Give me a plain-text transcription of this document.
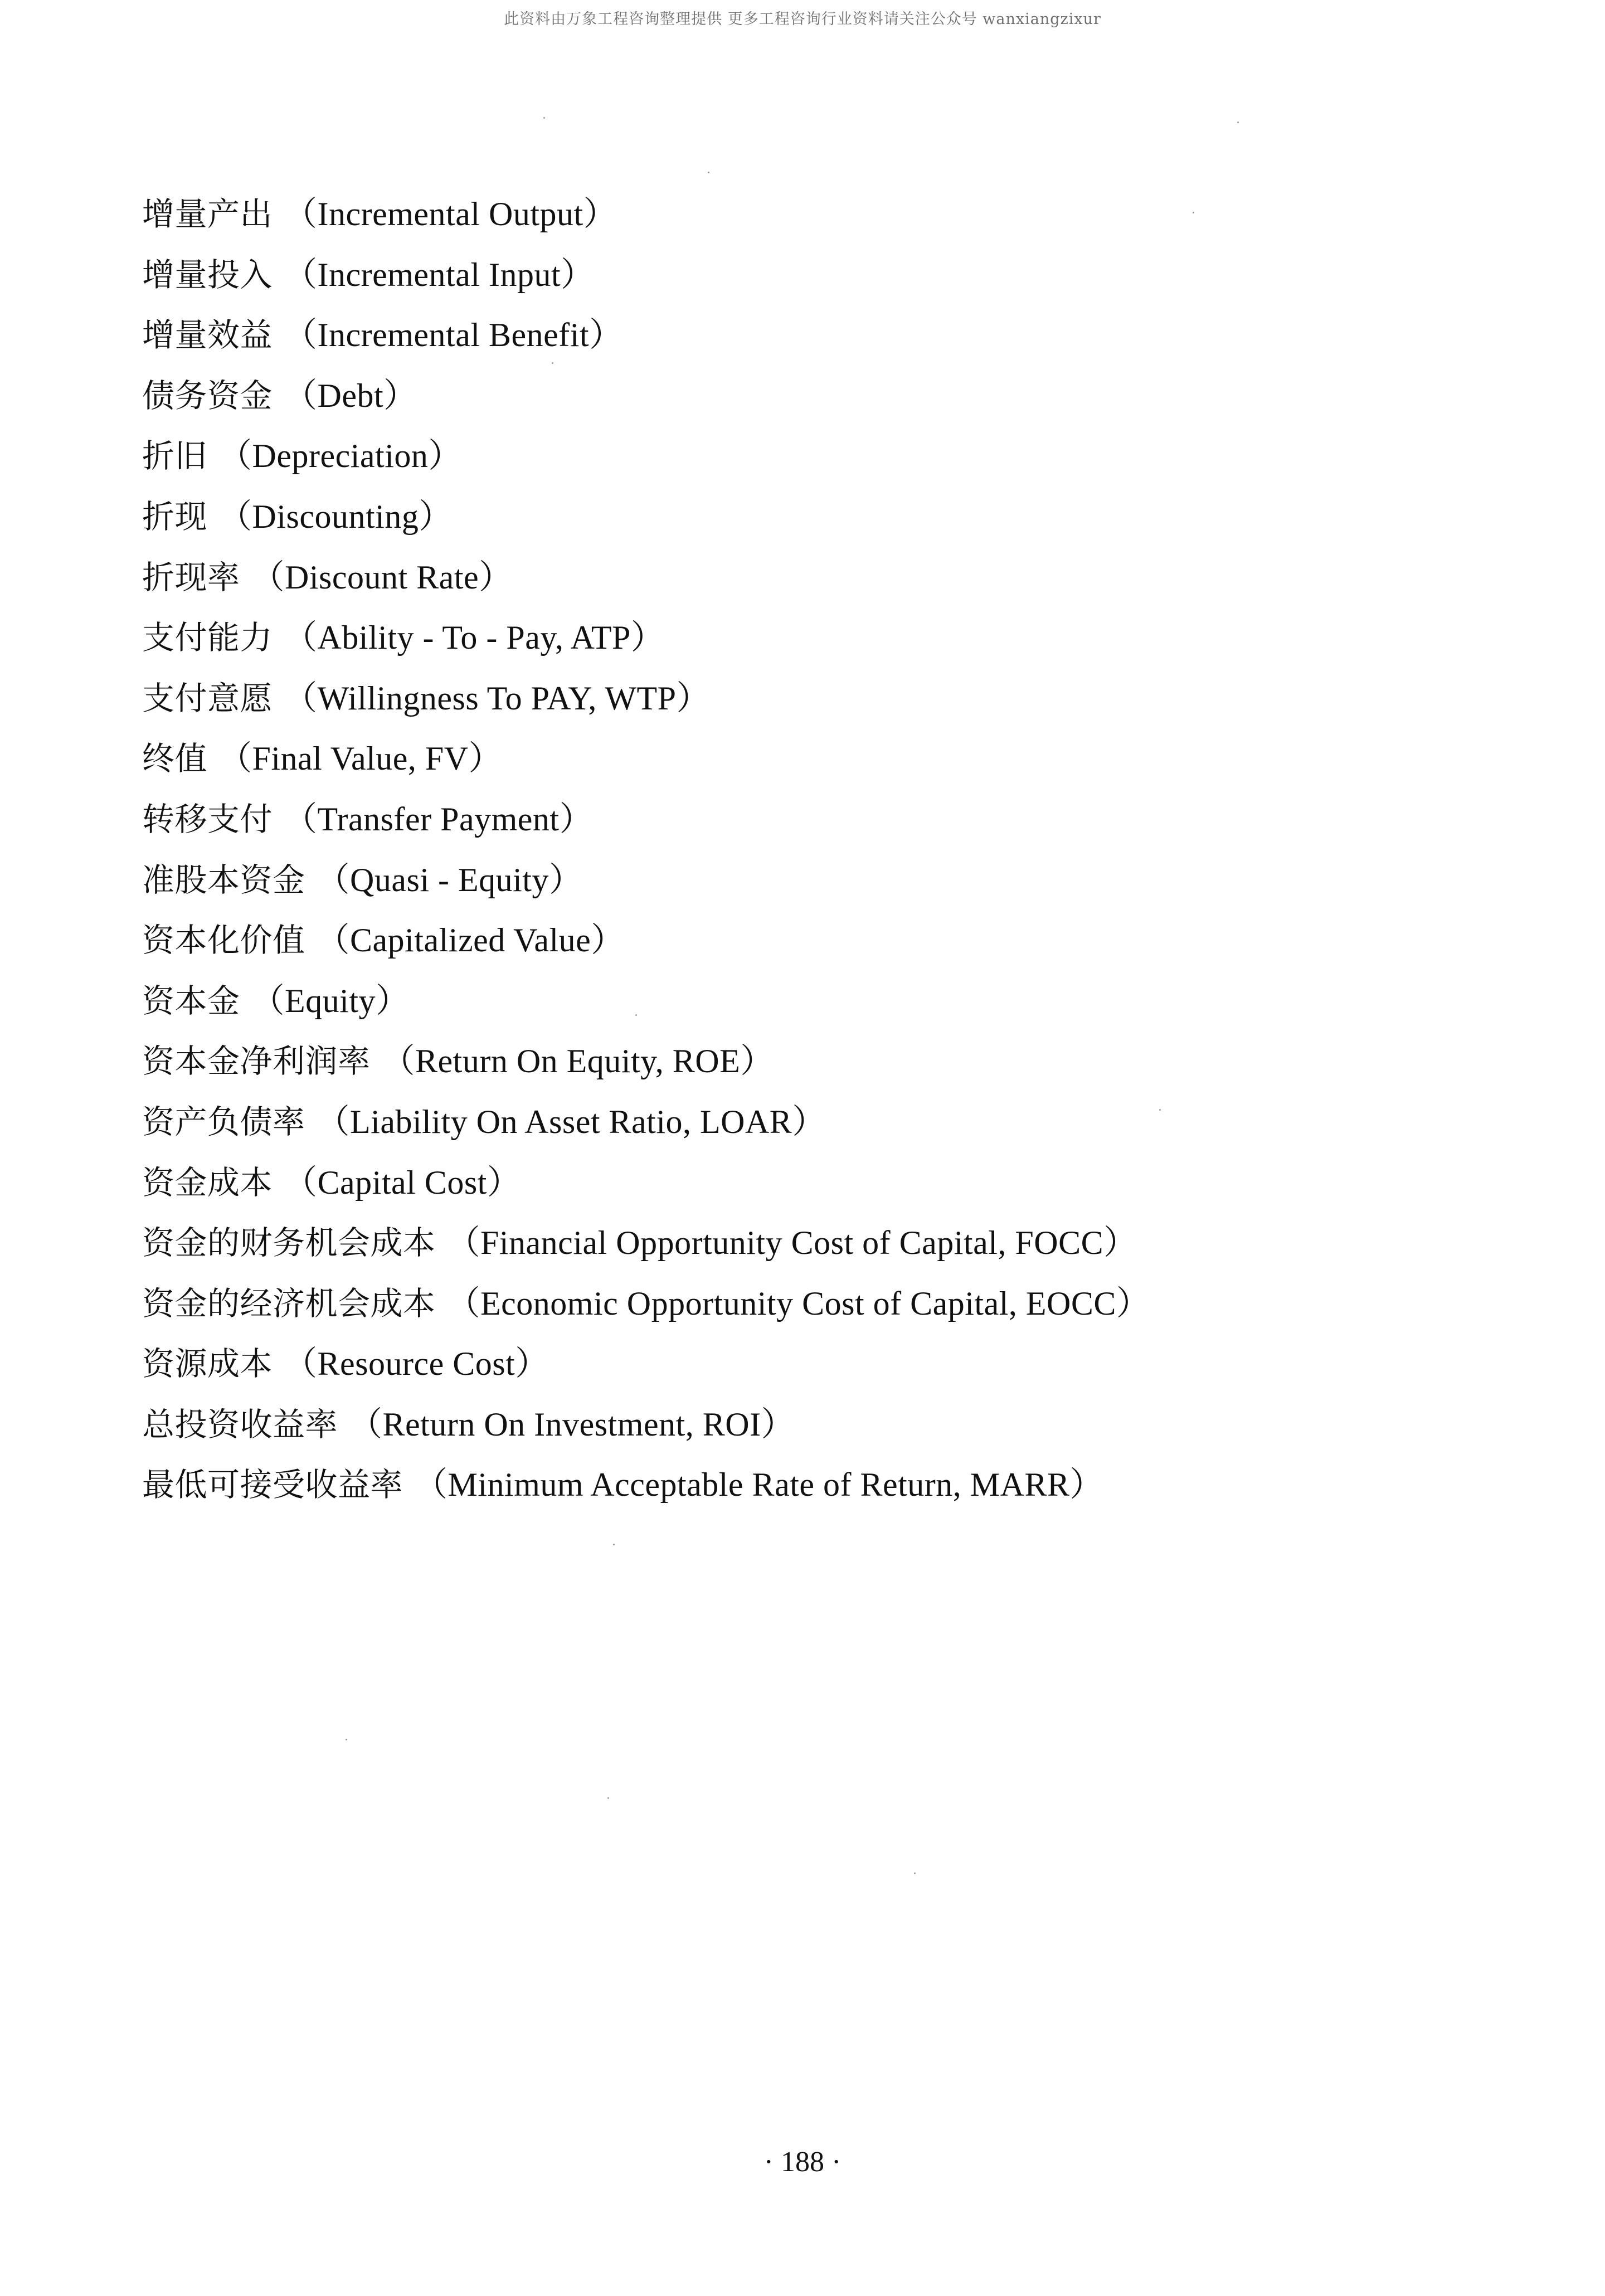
此资料由万象工程咨询整理提供 更多工程咨询行业资料请关注公众号 wanxiangzixur
增量产出 （Incremental Output）
增量投入 （Incremental Input）
增量效益 （Incremental Benefit）
债务资金 （Debt）
折旧 （Depreciation）
折现 （Discounting）
折现率 （Discount Rate）
支付能力 （Ability - To - Pay, ATP）
支付意愿 （Willingness To PAY, WTP）
终值 （Final Value, FV）
转移支付 （Transfer Payment）
准股本资金 （Quasi - Equity）
资本化价值 （Capitalized Value）
资本金 （Equity）
资本金净利润率 （Return On Equity, ROE）
资产负债率 （Liability On Asset Ratio, LOAR）
资金成本 （Capital Cost）
资金的财务机会成本 （Financial Opportunity Cost of Capital, FOCC）
资金的经济机会成本 （Economic Opportunity Cost of Capital, EOCC）
资源成本 （Resource Cost）
总投资收益率 （Return On Investment, ROI）
最低可接受收益率 （Minimum Acceptable Rate of Return, MARR）
· 188 ·
